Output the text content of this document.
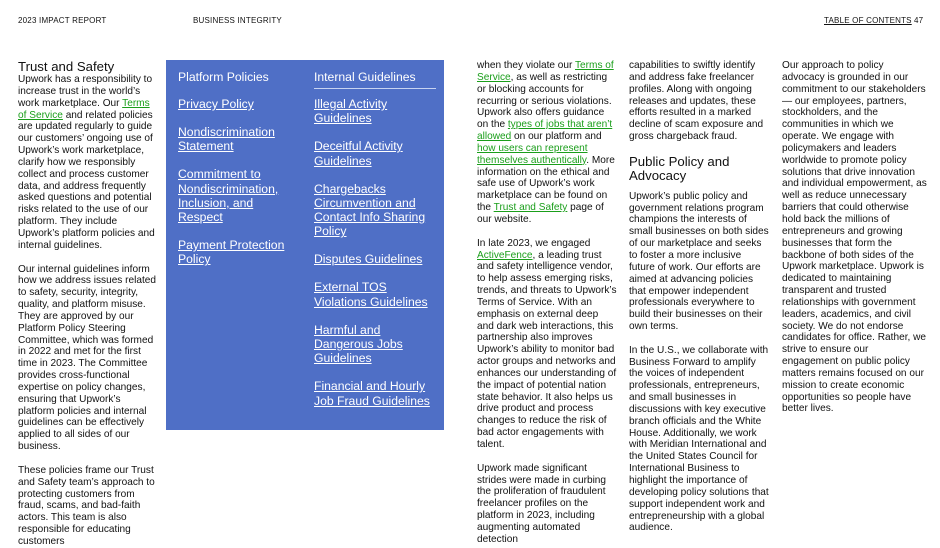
2023 IMPACT REPORT	BUSINESS INTEGRITY	TABLE OF CONTENTS 47

Trust and Safety

Upwork has a responsibility to increase trust in the world’s work marketplace. Our Terms of Service and related policies are updated regularly to guide our customers’ ongoing use of Upwork’s work marketplace, clarify how we responsibly collect and process customer data, and address frequently asked questions and potential risks related to the use of our platform. They include Upwork’s platform policies and internal guidelines.

Our internal guidelines inform how we address issues related to safety, security, integrity, quality, and platform misuse. They are approved by our Platform Policy Steering Committee, which was formed in 2022 and met for the first time in 2023. The Committee provides cross-functional expertise on policy changes, ensuring that Upwork’s platform policies and internal guidelines can be effectively applied to all sides of our business.

These policies frame our Trust and Safety team’s approach to protecting customers from fraud, scams, and bad-faith actors. This team is also responsible for educating customers

Platform Policies	Internal Guidelines
Privacy Policy
Nondiscrimination Statement
Commitment to Nondiscrimination, Inclusion, and Respect
Payment Protection Policy
Illegal Activity Guidelines
Deceitful Activity Guidelines
Chargebacks Circumvention and Contact Info Sharing Policy
Disputes Guidelines
External TOS Violations Guidelines
Harmful and Dangerous Jobs Guidelines
Financial and Hourly Job Fraud Guidelines

when they violate our Terms of Service, as well as restricting or blocking accounts for recurring or serious violations. Upwork also offers guidance on the types of jobs that aren’t allowed on our platform and how users can represent themselves authentically. More information on the ethical and safe use of Upwork’s work marketplace can be found on the Trust and Safety page of our website.

In late 2023, we engaged ActiveFence, a leading trust and safety intelligence vendor, to help assess emerging risks, trends, and threats to Upwork’s Terms of Service. With an emphasis on external deep and dark web interactions, this partnership also improves Upwork’s ability to monitor bad actor groups and networks and enhances our understanding of the impact of potential nation state behavior. It also helps us drive product and process changes to reduce the risk of bad actor engagements with talent.

Upwork made significant strides were made in curbing the proliferation of fraudulent freelancer profiles on the platform in 2023, including augmenting automated detection

capabilities to swiftly identify and address fake freelancer profiles. Along with ongoing releases and updates, these efforts resulted in a marked decline of scam exposure and gross chargeback fraud.

Public Policy and Advocacy

Upwork’s public policy and government relations program champions the interests of small businesses on both sides of our marketplace and seeks to foster a more inclusive future of work. Our efforts are aimed at advancing policies that empower independent professionals everywhere to build their businesses on their own terms.

In the U.S., we collaborate with Business Forward to amplify the voices of independent professionals, entrepreneurs, and small businesses in discussions with key executive branch officials and the White House. Additionally, we work with Meridian International and the United States Council for International Business to highlight the importance of developing policy solutions that support independent work and entrepreneurship with a global audience.

Our approach to policy advocacy is grounded in our commitment to our stakeholders — our employees, partners, stockholders, and the communities in which we operate. We engage with policymakers and leaders worldwide to promote policy solutions that drive innovation and individual empowerment, as well as reduce unnecessary barriers that could otherwise hold back the millions of entrepreneurs and growing businesses that form the backbone of both sides of the Upwork marketplace. Upwork is dedicated to maintaining transparent and trusted relationships with government leaders, academics, and civil society. We do not endorse candidates for office. Rather, we strive to ensure our engagement on public policy matters remains focused on our mission to create economic opportunities so people have better lives.
